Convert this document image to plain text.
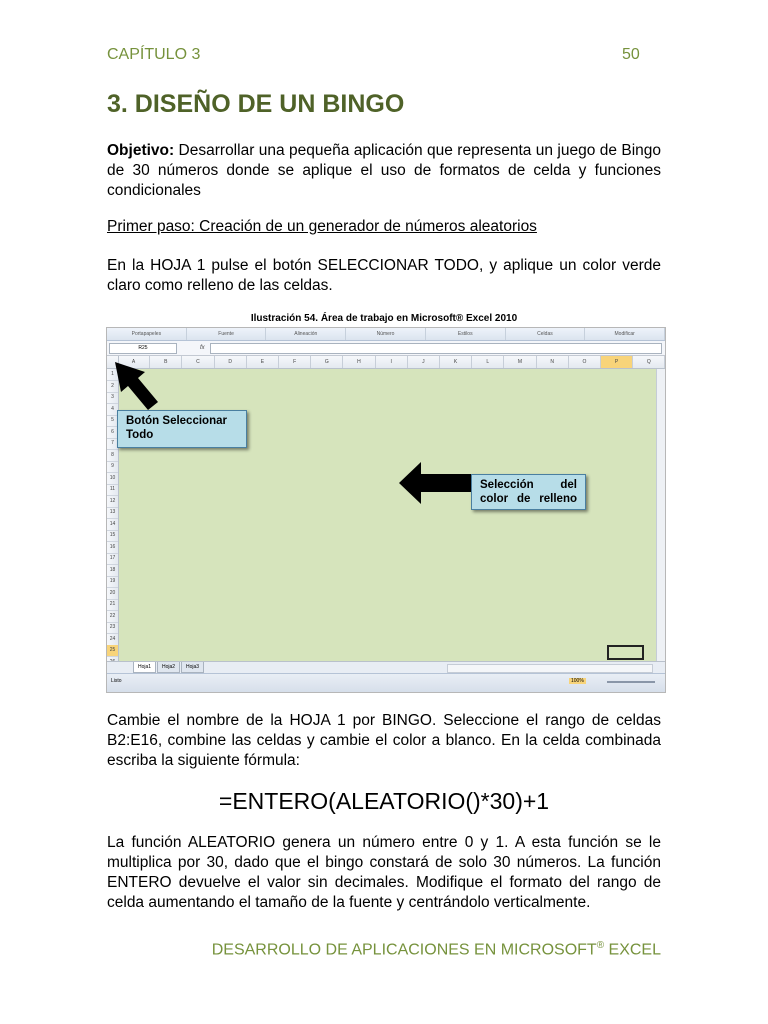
CAPÍTULO 3	50
3. DISEÑO DE UN BINGO

Objetivo: Desarrollar una pequeña aplicación que representa un juego de Bingo de 30 números donde se aplique el uso de formatos de celda y funciones condicionales

Primer paso: Creación de un generador de números aleatorios

En la HOJA 1 pulse el botón SELECCIONAR TODO, y aplique un color verde claro como relleno de las celdas.

Ilustración 54. Área de trabajo en Microsoft® Excel 2010
Portapapeles	Fuente	Alineación	Número	Estilos	Celdas	Modificar
R25	fx
A	B	C	D	E	F	G	H	I	J	K	L	M	N	O	P	Q
1
2
3
4
5
6
7
8
9
10
11
12
13
14
15
16
17
18
19
20
21
22
23
24
25
Hoja1	Hoja2	Hoja3
Listo	100%
Botón Seleccionar Todo
Selección del color de relleno

Cambie el nombre de la HOJA 1 por BINGO. Seleccione el rango de celdas B2:E16, combine las celdas y cambie el color a blanco. En la celda combinada escriba la siguiente fórmula:

=ENTERO(ALEATORIO()*30)+1

La función ALEATORIO genera un número entre 0 y 1. A esta función se le multiplica por 30, dado que el bingo constará de solo 30 números. La función ENTERO devuelve el valor sin decimales. Modifique el formato del rango de celda aumentando el tamaño de la fuente y centrándolo verticalmente.

DESARROLLO DE APLICACIONES EN MICROSOFT® EXCEL
